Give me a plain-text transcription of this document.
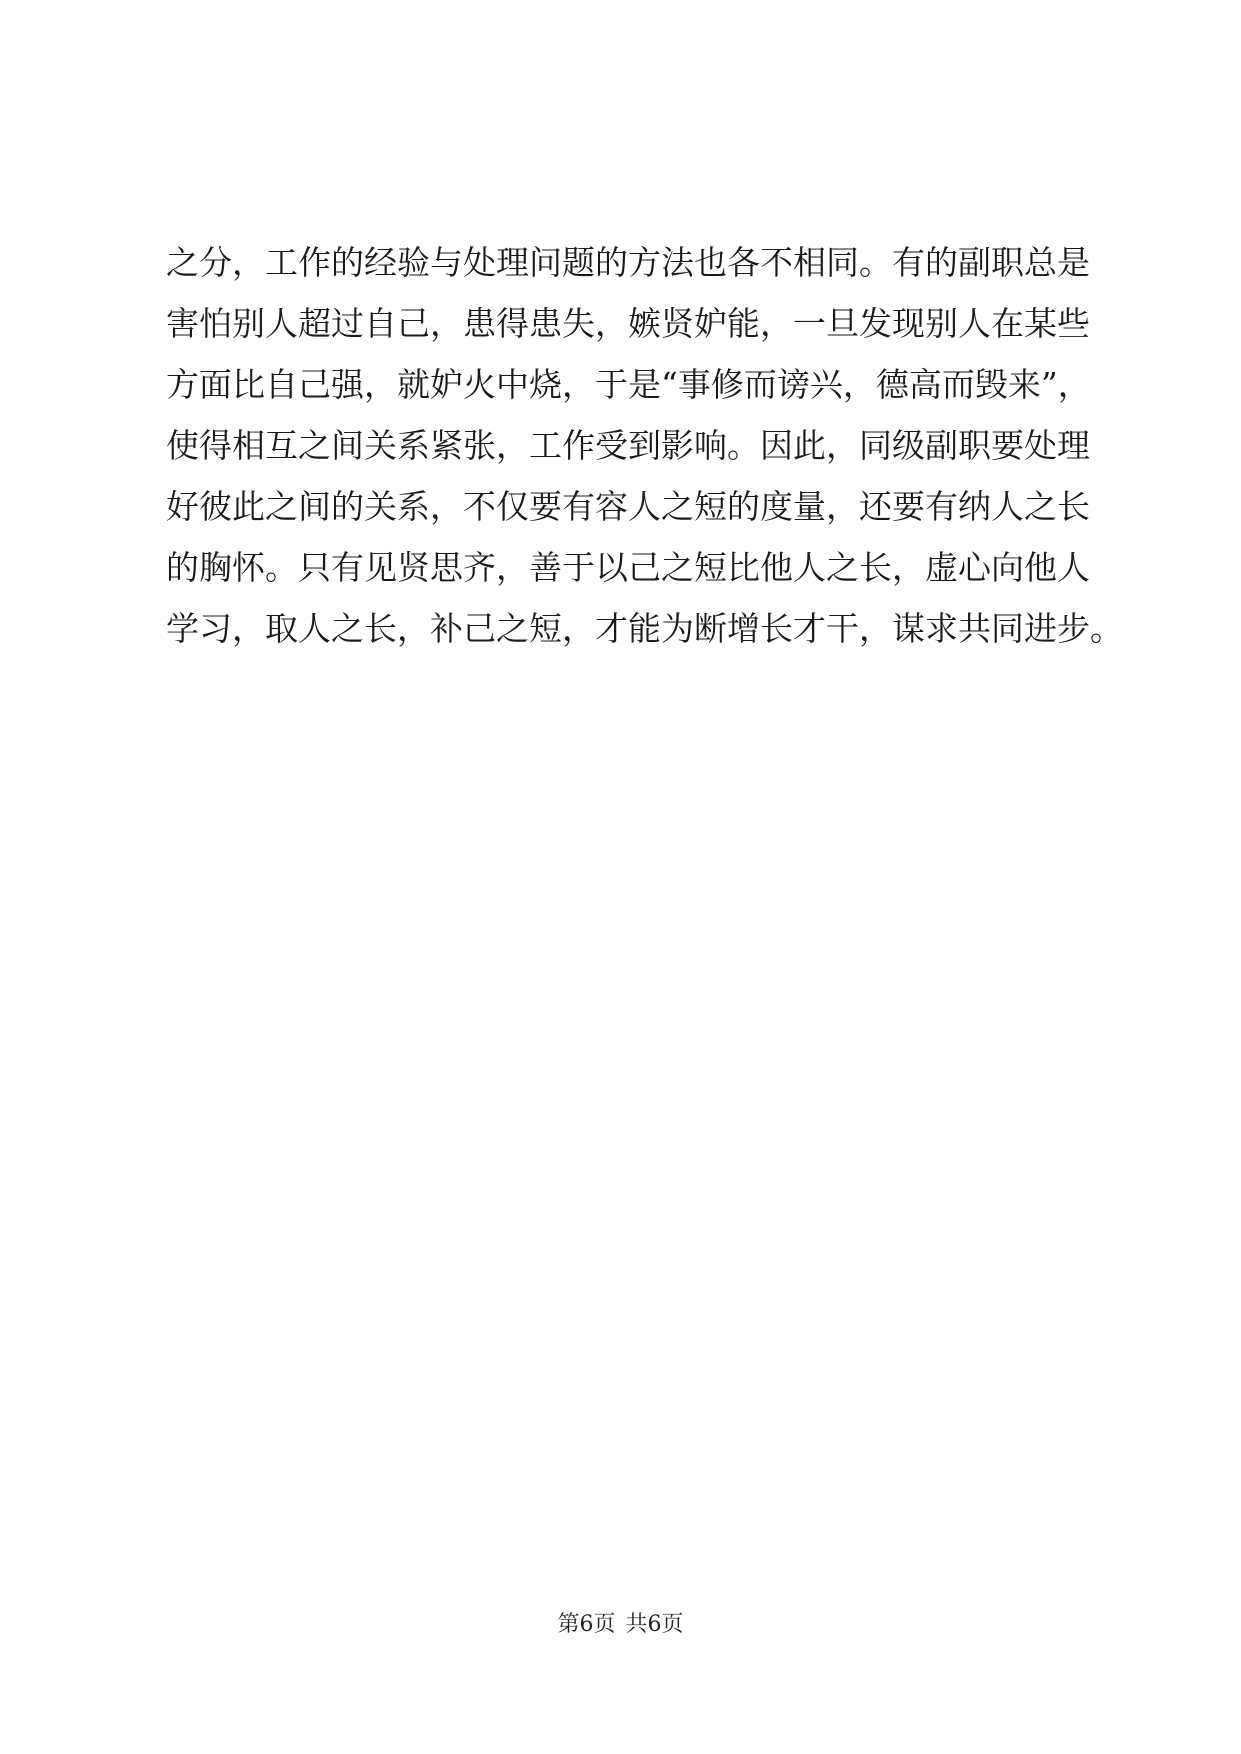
之分，工作的经验与处理问题的方法也各不相同。有的副职总是
害怕别人超过自己，患得患失，嫉贤妒能，一旦发现别人在某些
方面比自己强，就妒火中烧，于是“事修而谤兴，德高而毁来”，
使得相互之间关系紧张，工作受到影响。因此，同级副职要处理
好彼此之间的关系，不仅要有容人之短的度量，还要有纳人之长
的胸怀。只有见贤思齐，善于以己之短比他人之长，虚心向他人
学习，取人之长，补己之短，才能为断增长才干，谋求共同进步。
第6页 共6页
